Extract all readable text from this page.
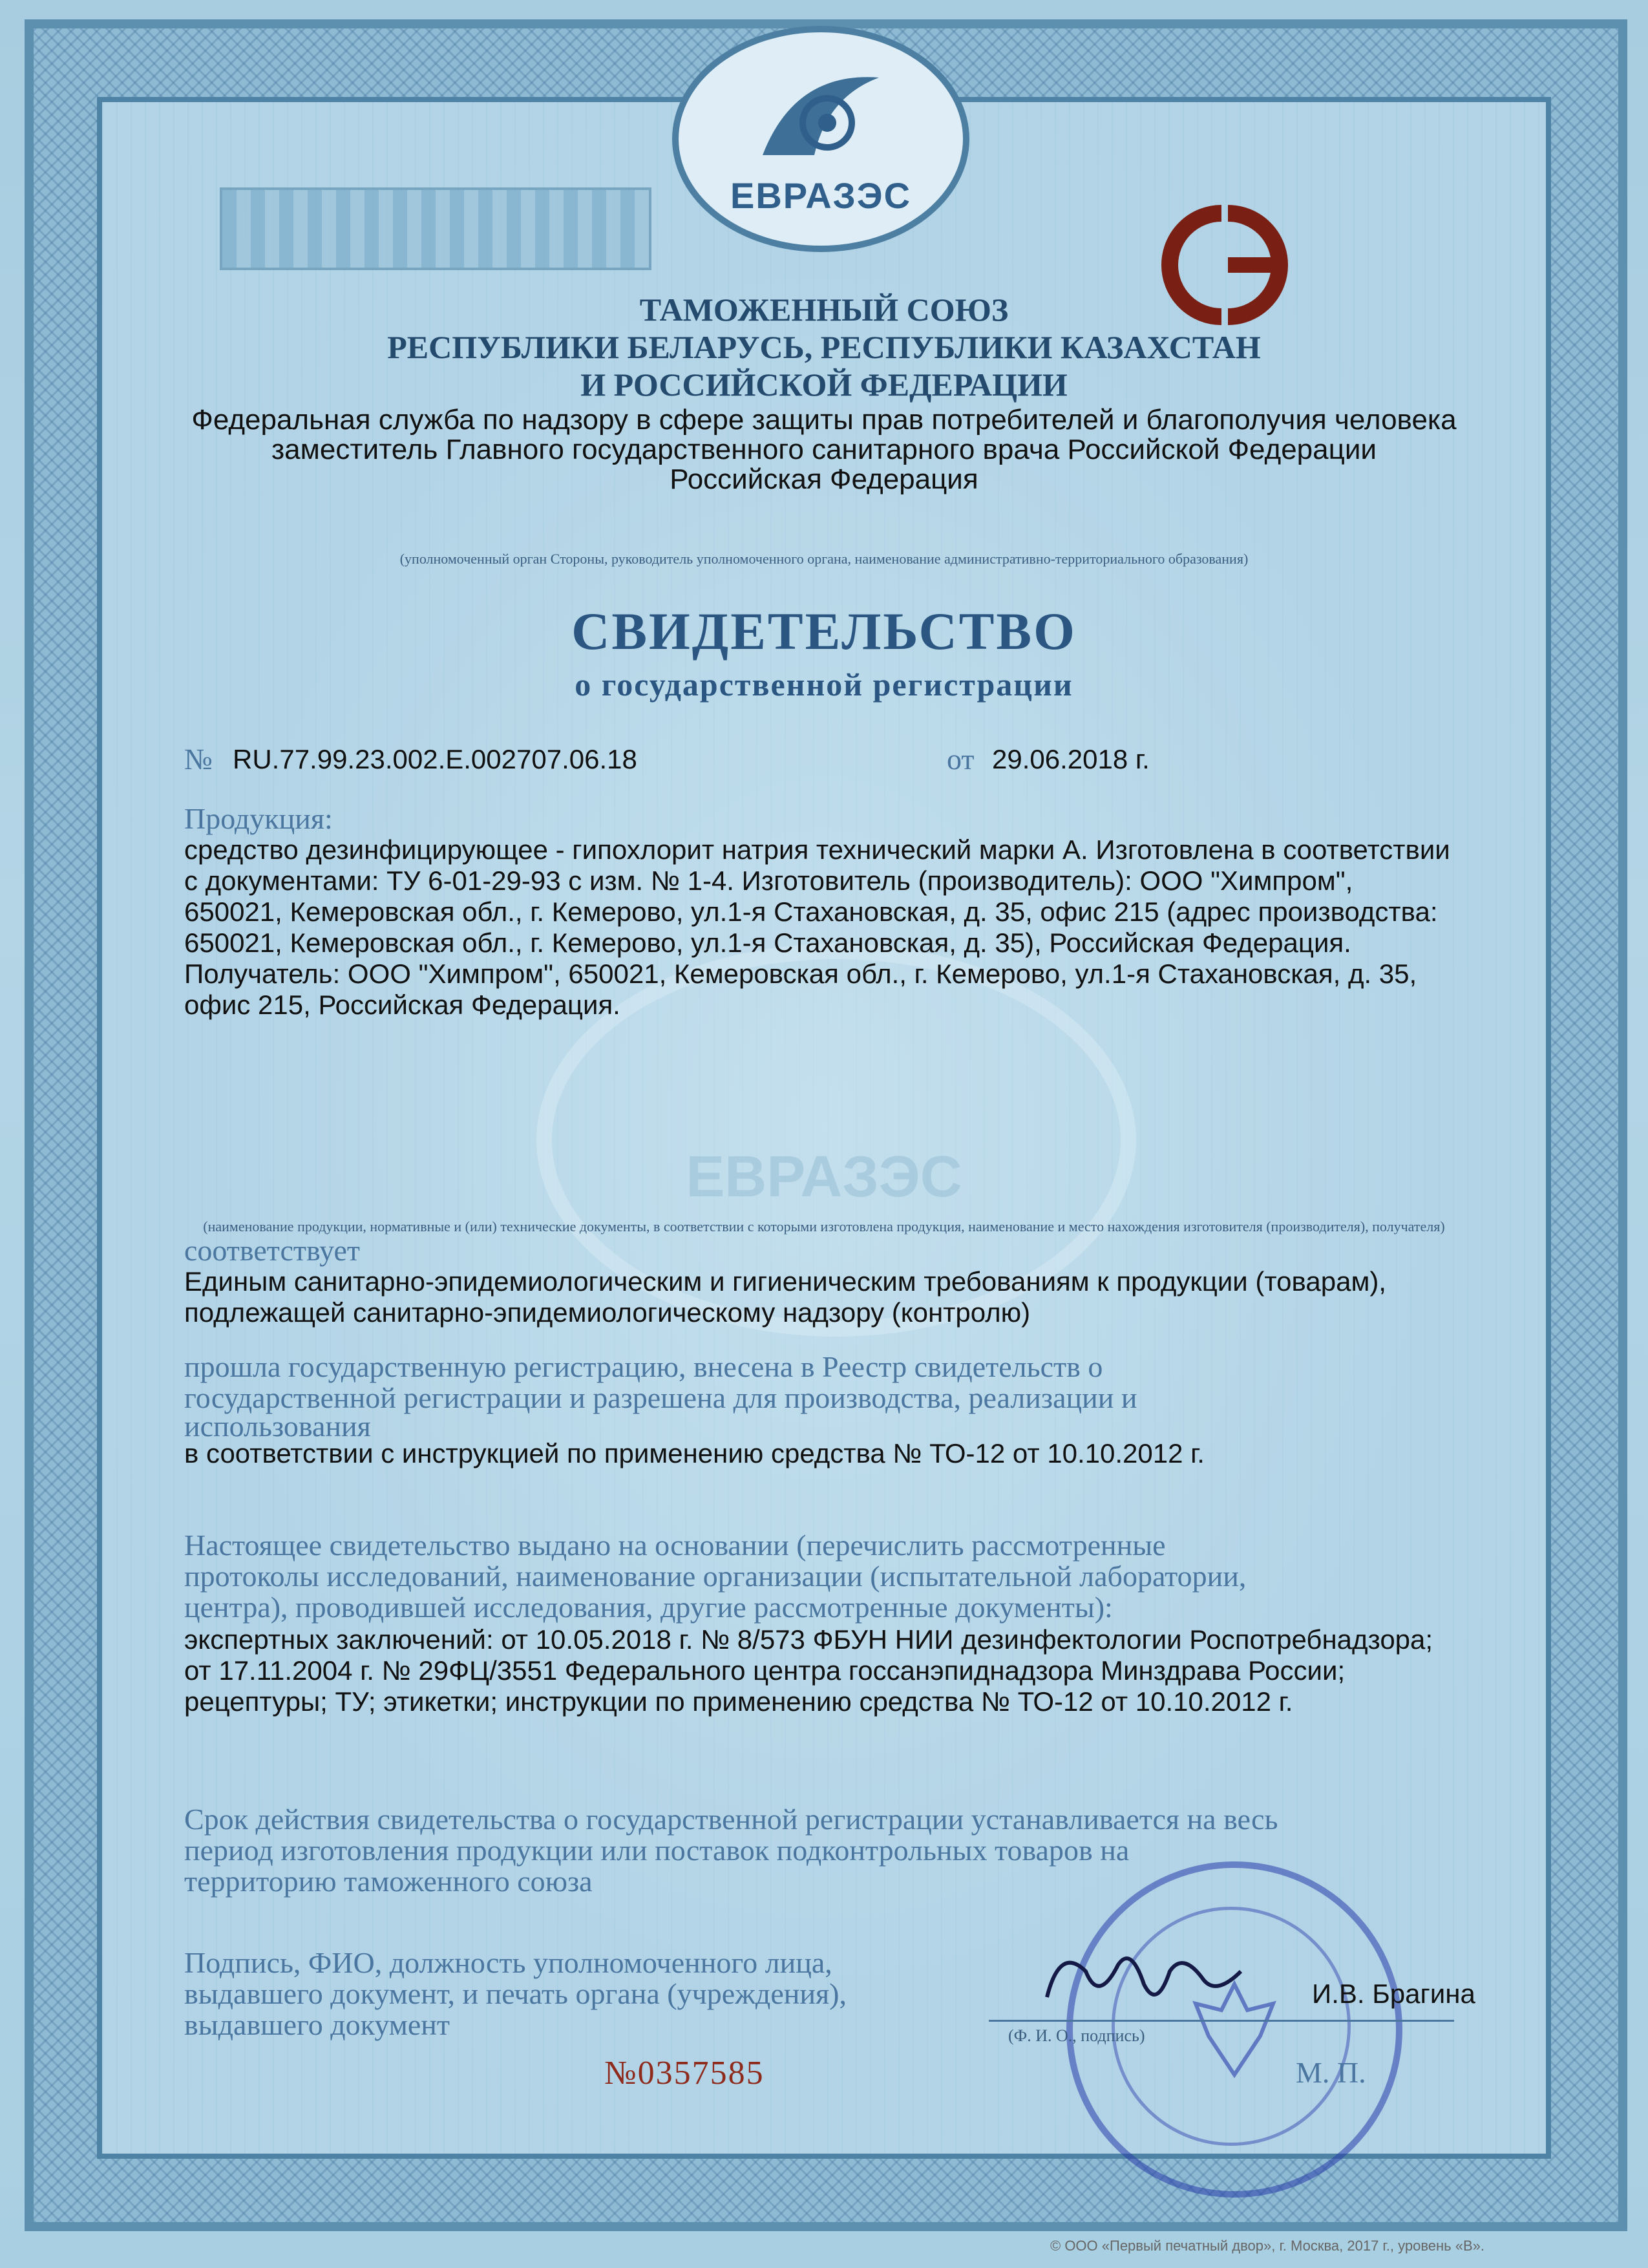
ЕВРАЗЭС
ЕВРАЗЭС
ТАМОЖЕННЫЙ СОЮЗ
РЕСПУБЛИКИ БЕЛАРУСЬ, РЕСПУБЛИКИ КАЗАХСТАН
И РОССИЙСКОЙ ФЕДЕРАЦИИ
Федеральная служба по надзору в сфере защиты прав потребителей и благополучия человека
заместитель Главного государственного санитарного врача Российской Федерации
Российская Федерация
(уполномоченный орган Стороны, руководитель уполномоченного органа, наименование административно-территориального образования)
СВИДЕТЕЛЬСТВО
о государственной регистрации
№ RU.77.99.23.002.E.002707.06.18	от 29.06.2018 г.
Продукция:
средство дезинфицирующее - гипохлорит натрия технический марки А. Изготовлена в соответствии
с документами: ТУ 6-01-29-93 с изм. № 1-4. Изготовитель (производитель): ООО "Химпром",
650021, Кемеровская обл., г. Кемерово, ул.1-я Стахановская, д. 35, офис 215 (адрес производства:
650021, Кемеровская обл., г. Кемерово, ул.1-я Стахановская, д. 35), Российская Федерация.
Получатель: ООО "Химпром", 650021, Кемеровская обл., г. Кемерово, ул.1-я Стахановская, д. 35,
офис 215, Российская Федерация.
(наименование продукции, нормативные и (или) технические документы, в соответствии с которыми изготовлена продукция, наименование и место нахождения изготовителя (производителя), получателя)
соответствует
Единым санитарно-эпидемиологическим и гигиеническим требованиям к продукции (товарам),
подлежащей санитарно-эпидемиологическому надзору (контролю)
прошла государственную регистрацию, внесена в Реестр свидетельств о
государственной регистрации и разрешена для производства, реализации и
использования
в соответствии с инструкцией по применению средства № ТО-12 от 10.10.2012 г.
Настоящее свидетельство выдано на основании (перечислить рассмотренные
протоколы исследований, наименование организации (испытательной лаборатории,
центра), проводившей исследования, другие рассмотренные документы):
экспертных заключений: от 10.05.2018 г. № 8/573 ФБУН НИИ дезинфектологии Роспотребнадзора;
от 17.11.2004 г. № 29ФЦ/3551 Федерального центра госсанэпиднадзора Минздрава России;
рецептуры; ТУ; этикетки; инструкции по применению средства № ТО-12 от 10.10.2012 г.
Срок действия свидетельства о государственной регистрации устанавливается на весь
период изготовления продукции или поставок подконтрольных товаров на
территорию таможенного союза
Подпись, ФИО, должность уполномоченного лица,
выдавшего документ, и печать органа (учреждения),
выдавшего документ
И.В. Брагина
(Ф. И. О., подпись)
№0357585	М. П.
© ООО «Первый печатный двор», г. Москва, 2017 г., уровень «В».
